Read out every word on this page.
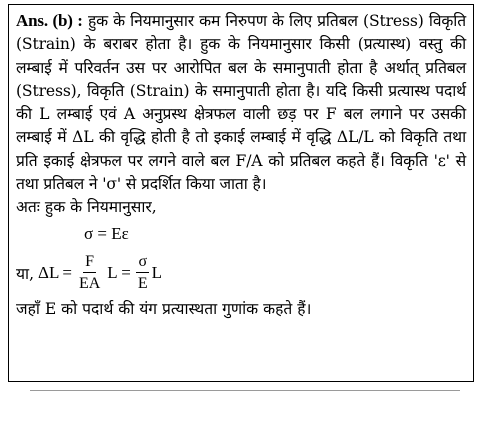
Ans. (b) : हुक के नियमानुसार कम निरुपण के लिए प्रतिबल (Stress) विकृति (Strain) के बराबर होता है। हुक के नियमानुसार किसी (प्रत्यास्थ) वस्तु की लम्बाई में परिवर्तन उस पर आरोपित बल के समानुपाती होता है अर्थात् प्रतिबल (Stress), विकृति (Strain) के समानुपाती होता है। यदि किसी प्रत्यास्थ पदार्थ की L लम्बाई एवं A अनुप्रस्थ क्षेत्रफल वाली छड़ पर F बल लगाने पर उसकी लम्बाई में ΔL की वृद्धि होती है तो इकाई लम्बाई में वृद्धि ΔL/L को विकृति तथा प्रति इकाई क्षेत्रफल पर लगने वाले बल F/A को प्रतिबल कहते हैं। विकृति 'ε' से तथा प्रतिबल ने 'σ' से प्रदर्शित किया जाता है।

अतः हुक के नियमानुसार,

σ = Eε
या, $\Delta L = \frac{F}{EA}$ $L = \frac{\sigma}{E}$ L

जहाँ E को पदार्थ की यंग प्रत्यास्थता गुणांक कहते हैं।
